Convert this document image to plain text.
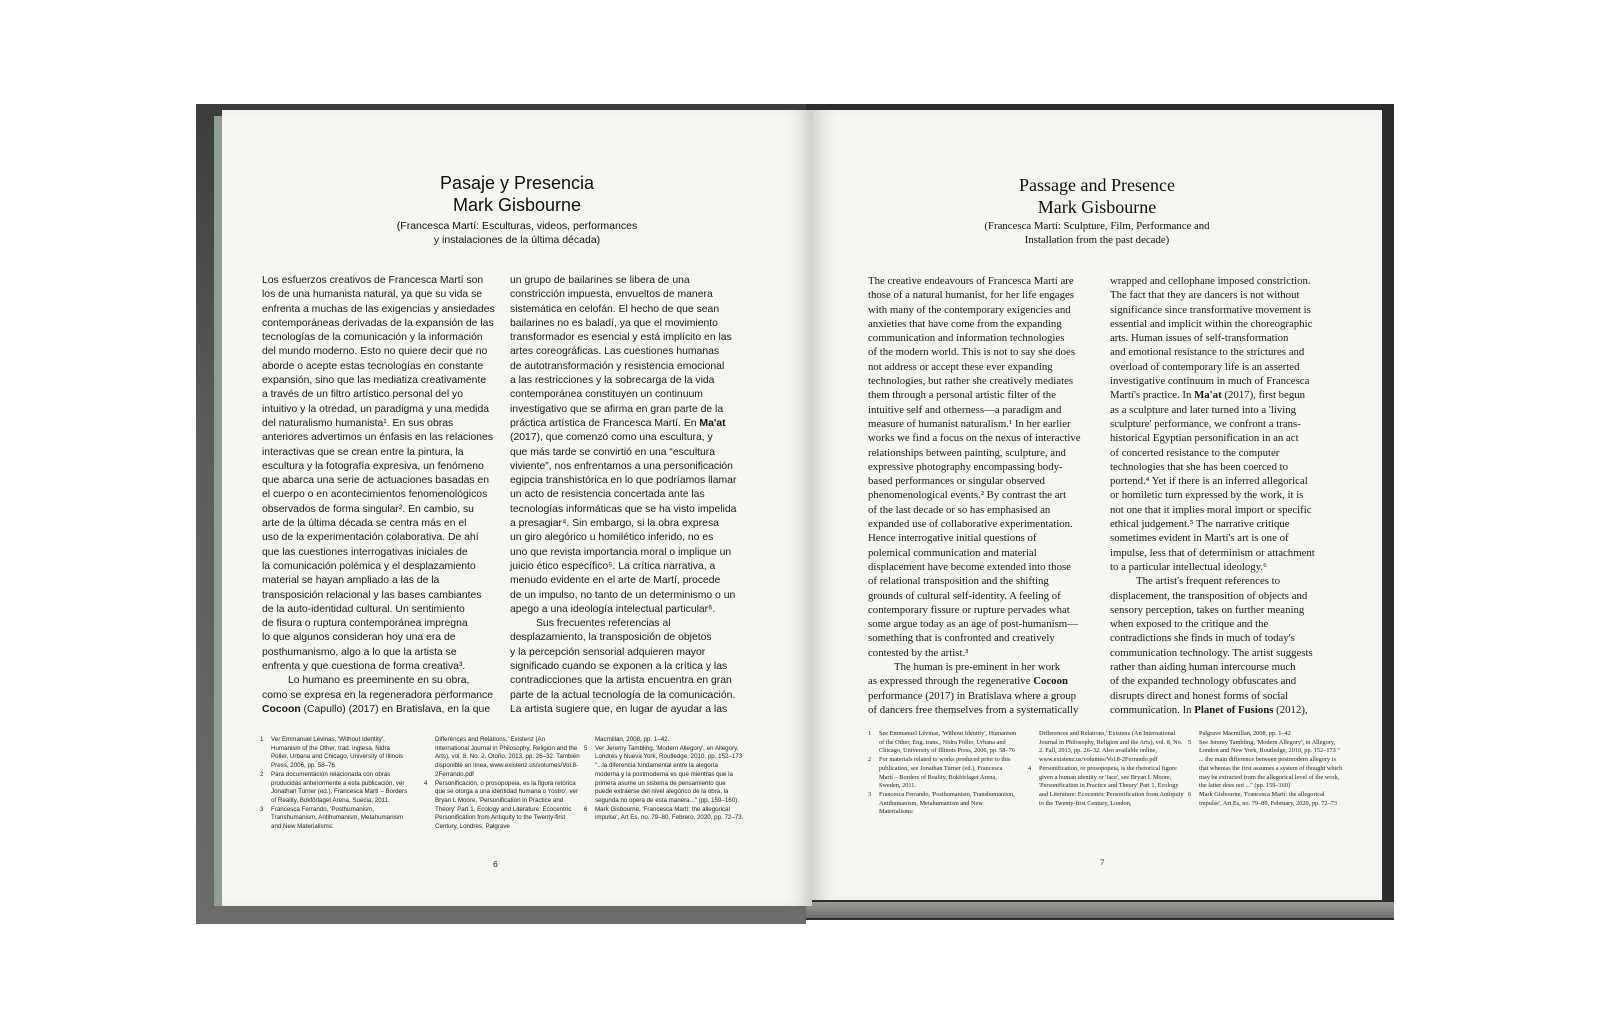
Pasaje y Presencia
Mark Gisbourne
(Francesca Martí: Esculturas, videos, performances
y instalaciones de la última década)
Los esfuerzos creativos de Francesca Martí son
los de una humanista natural, ya que su vida se
enfrenta a muchas de las exigencias y ansiedades
contemporáneas derivadas de la expansión de las
tecnologías de la comunicación y la información
del mundo moderno. Esto no quiere decir que no
aborde o acepte estas tecnologías en constante
expansión, sino que las mediatiza creativamente
a través de un filtro artístico personal del yo
intuitivo y la otredad, un paradigma y una medida
del naturalismo humanista¹. En sus obras
anteriores advertimos un énfasis en las relaciones
interactivas que se crean entre la pintura, la
escultura y la fotografía expresiva, un fenómeno
que abarca una serie de actuaciones basadas en
el cuerpo o en acontecimientos fenomenológicos
observados de forma singular². En cambio, su
arte de la última década se centra más en el
uso de la experimentación colaborativa. De ahí
que las cuestiones interrogativas iniciales de
la comunicación polémica y el desplazamiento
material se hayan ampliado a las de la
transposición relacional y las bases cambiantes
de la auto-identidad cultural. Un sentimiento
de fisura o ruptura contemporánea impregna
lo que algunos consideran hoy una era de
posthumanismo, algo a lo que la artista se
enfrenta y que cuestiona de forma creativa³.
Lo humano es preeminente en su obra,
como se expresa en la regeneradora performance
Cocoon (Capullo) (2017) en Bratislava, en la que
un grupo de bailarines se libera de una
constricción impuesta, envueltos de manera
sistemática en celofán. El hecho de que sean
bailarines no es baladí, ya que el movimiento
transformador es esencial y está implícito en las
artes coreográficas. Las cuestiones humanas
de autotransformación y resistencia emocional
a las restricciones y la sobrecarga de la vida
contemporánea constituyen un continuum
investigativo que se afirma en gran parte de la
práctica artística de Francesca Martí. En Ma'at
(2017), que comenzó como una escultura, y
que más tarde se convirtió en una “escultura
viviente”, nos enfrentamos a una personificación
egipcia transhistórica en lo que podríamos llamar
un acto de resistencia concertada ante las
tecnologías informáticas que se ha visto impelida
a presagiar⁴. Sin embargo, si la obra expresa
un giro alegórico u homilético inferido, no es
uno que revista importancia moral o implique un
juicio ético específico⁵. La crítica narrativa, a
menudo evidente en el arte de Martí, procede
de un impulso, no tanto de un determinismo o un
apego a una ideología intelectual particular⁶.
Sus frecuentes referencias al
desplazamiento, la transposición de objetos
y la percepción sensorial adquieren mayor
significado cuando se exponen a la crítica y las
contradicciones que la artista encuentra en gran
parte de la actual tecnología de la comunicación.
La artista sugiere que, en lugar de ayudar a las
1	Ver Emmanuel Lévinas, 'Without Identity', Humanism of the Other, trad. inglesa, Nidra Poller, Urbana and Chicago, University of Illinois Press, 2006, pp. 58–76
2	Para documentación relacionada con obras producidas anteriormente a esta publicación, ver Jonathan Turner (ed.), Francesca Martí – Borders of Reality, Bokförlaget Arena, Suecia, 2011.
3	Francesca Ferrando, 'Posthumanism, Transhumanism, Antihumanism, Metahumanism and New Materialisms:
Differences and Relations,' Existenz (An International Journal in Philosophy, Religion and the Arts), vol. 8, No. 2. Otoño, 2013, pp. 26–32. También disponible en línea, www.existenz.us/volumes/Vol.8-2Ferrando.pdf
4	Personificación, o prosopopeia, es la figura retórica que se otorga a una identidad humana o 'rostro', ver Bryan L Moore, 'Personification in Practice and Theory' Part 1, Ecology and Literature: Ecocentric Personification from Antiquity to the Twenty-first Century, Londres, Palgrave
Macmillan, 2008, pp. 1–42.
5	Ver Jeremy Tambling, 'Modern Allegory', en Allegory, Londres y Nueva York, Routledge, 2010, pp. 152–173 "...la diferencia fundamental entre la alegoría moderna y la postmoderna es que mientras que la primera asume un sistema de pensamiento que puede extraerse del nivel alegórico de la obra, la segunda no opera de esta manera..." (pp. 159–160).
6	Mark Gisbourne, 'Francesca Martí: the allegorical impulse', Art Es, no. 79–80, Febrero, 2020, pp. 72–73.
6
Passage and Presence
Mark Gisbourne
(Francesca Martí: Sculpture, Film, Performance and
Installation from the past decade)
The creative endeavours of Francesca Martí are
those of a natural humanist, for her life engages
with many of the contemporary exigencies and
anxieties that have come from the expanding
communication and information technologies
of the modern world. This is not to say she does
not address or accept these ever expanding
technologies, but rather she creatively mediates
them through a personal artistic filter of the
intuitive self and otherness—a paradigm and
measure of humanist naturalism.¹ In her earlier
works we find a focus on the nexus of interactive
relationships between painting, sculpture, and
expressive photography encompassing body-
based performances or singular observed
phenomenological events.² By contrast the art
of the last decade or so has emphasised an
expanded use of collaborative experimentation.
Hence interrogative initial questions of
polemical communication and material
displacement have become extended into those
of relational transposition and the shifting
grounds of cultural self-identity. A feeling of
contemporary fissure or rupture pervades what
some argue today as an age of post-humanism—
something that is confronted and creatively
contested by the artist.³
The human is pre-eminent in her work
as expressed through the regenerative Cocoon
performance (2017) in Bratislava where a group
of dancers free themselves from a systematically
wrapped and cellophane imposed constriction.
The fact that they are dancers is not without
significance since transformative movement is
essential and implicit within the choreographic
arts. Human issues of self-transformation
and emotional resistance to the strictures and
overload of contemporary life is an asserted
investigative continuum in much of Francesca
Martí's practice. In Ma'at (2017), first begun
as a sculpture and later turned into a 'living
sculpture' performance, we confront a trans-
historical Egyptian personification in an act
of concerted resistance to the computer
technologies that she has been coerced to
portend.⁴ Yet if there is an inferred allegorical
or homiletic turn expressed by the work, it is
not one that it implies moral import or specific
ethical judgement.⁵ The narrative critique
sometimes evident in Martí's art is one of
impulse, less that of determinism or attachment
to a particular intellectual ideology.⁶
The artist's frequent references to
displacement, the transposition of objects and
sensory perception, takes on further meaning
when exposed to the critique and the
contradictions she finds in much of today's
communication technology. The artist suggests
rather than aiding human intercourse much
of the expanded technology obfuscates and
disrupts direct and honest forms of social
communication. In Planet of Fusions (2012),
1	See Emmanuel Lévinas, 'Without Identity', Humanism of the Other, Eng. trans., Nidra Poller, Urbana and Chicago, University of Illinois Press, 2006, pp. 58–76
2	For materials related to works produced prior to this publication, see Jonathan Turner (ed.), Francesca Martí – Borders of Reality, Bokförlaget Arena, Sweden, 2011.
3	Francesca Ferrando, 'Posthumanism, Transhumanism, Antihumanism, Metahumanism and New Materialisms:
Differences and Relations,' Existenz (An International Journal in Philosophy, Religion and the Arts), vol. 8, No. 2. Fall, 2013, pp. 26–32. Also available online, www.existenz.us/volumes/Vol.8-2Ferrando.pdf
4	Personification, or prosopopeia, is the rhetorical figure given a human identity or 'face', see Bryan L Moore, 'Personification in Practice and Theory' Part 1, Ecology and Literature: Ecocentric Personification from Antiquity to the Twenty-first Century, London,
Palgrave Macmillan, 2008, pp. 1–42
5	See Jeremy Tambling, 'Modern Allegory', in Allegory, London and New York, Routledge, 2010, pp. 152–173 " ... the main difference between postmodern allegory is that whereas the first assumes a system of thought which may be extracted from the allegorical level of the work, the latter does not ..." (pp. 159–160)
6	Mark Gisbourne, 'Francesca Martí: the allegorical impulse', Art Es, no. 79–80, February, 2020, pp. 72–73
7
